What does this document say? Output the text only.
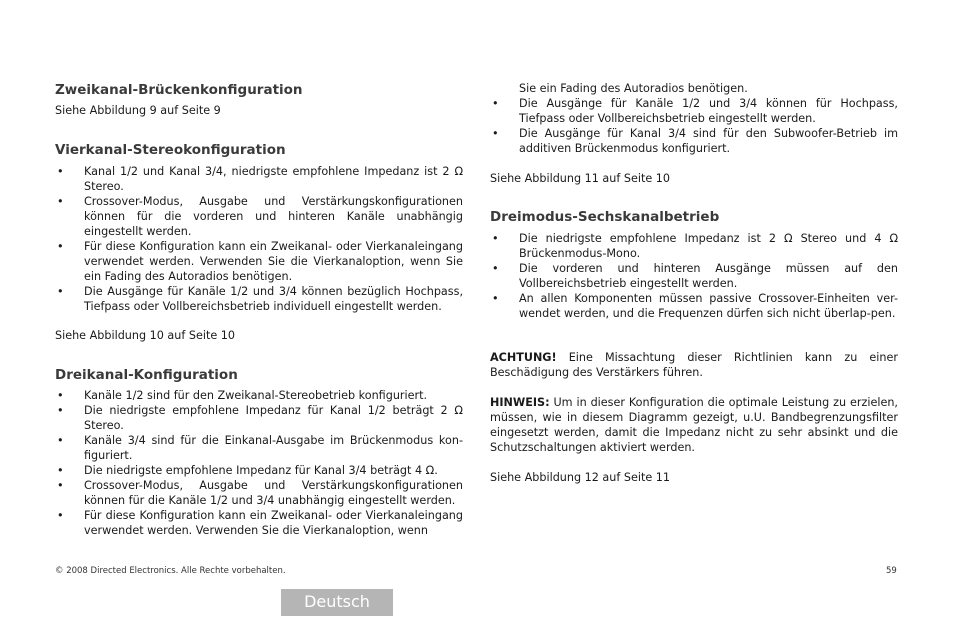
Zweikanal-Brückenkonfiguration

Siehe Abbildung 9 auf Seite 9

Vierkanal-Stereokonfiguration
• Kanal 1/2 und Kanal 3/4, niedrigste empfohlene Impedanz ist 2 Ω Stereo.
• Crossover-Modus, Ausgabe und Verstärkungskonfigurationen können für die vorderen und hinteren Kanäle unabhängig eingestellt werden.
• Für diese Konfiguration kann ein Zweikanal- oder Vierkanaleingang verwendet werden. Verwenden Sie die Vierkanaloption, wenn Sie ein Fading des Autoradios benötigen.
• Die Ausgänge für Kanäle 1/2 und 3/4 können bezüglich Hochpass, Tiefpass oder Vollbereichsbetrieb individuell eingestellt werden.

Siehe Abbildung 10 auf Seite 10

Dreikanal-Konfiguration
• Kanäle 1/2 sind für den Zweikanal-Stereobetrieb konfiguriert.
• Die niedrigste empfohlene Impedanz für Kanal 1/2 beträgt 2 Ω Stereo.
• Kanäle 3/4 sind für die Einkanal-Ausgabe im Brückenmodus kon-figuriert.
• Die niedrigste empfohlene Impedanz für Kanal 3/4 beträgt 4 Ω.
• Crossover-Modus, Ausgabe und Verstärkungskonfigurationen können für die Kanäle 1/2 und 3/4 unabhängig eingestellt werden.
• Für diese Konfiguration kann ein Zweikanal- oder Vierkanaleingang verwendet werden. Verwenden Sie die Vierkanaloption, wenn

Sie ein Fading des Autoradios benötigen.

• Die Ausgänge für Kanäle 1/2 und 3/4 können für Hochpass, Tiefpass oder Vollbereichsbetrieb eingestellt werden.
• Die Ausgänge für Kanal 3/4 sind für den Subwoofer-Betrieb im additiven Brückenmodus konfiguriert.

Siehe Abbildung 11 auf Seite 10

Dreimodus-Sechskanalbetrieb
• Die niedrigste empfohlene Impedanz ist 2 Ω Stereo und 4 Ω Brückenmodus-Mono.
• Die vorderen und hinteren Ausgänge müssen auf den Vollbereichsbetrieb eingestellt werden.
• An allen Komponenten müssen passive Crossover-Einheiten ver-wendet werden, und die Frequenzen dürfen sich nicht überlap-pen.

ACHTUNG! Eine Missachtung dieser Richtlinien kann zu einer Beschädigung des Verstärkers führen.

HINWEIS: Um in dieser Konfiguration die optimale Leistung zu erzielen, müssen, wie in diesem Diagramm gezeigt, u.U. Bandbegrenzungsfilter eingesetzt werden, damit die Impedanz nicht zu sehr absinkt und die Schutzschaltungen aktiviert werden.

Siehe Abbildung 12 auf Seite 11

© 2008 Directed Electronics. Alle Rechte vorbehalten.	59
Deutsch
